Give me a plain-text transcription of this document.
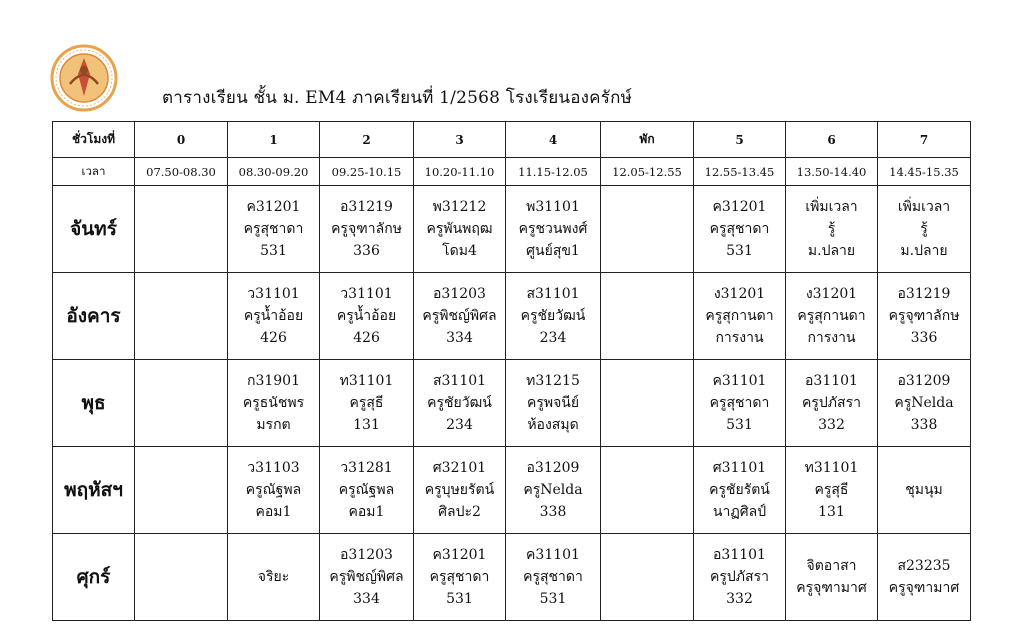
ตารางเรียน ชั้น ม. EM4 ภาคเรียนที่ 1/2568 โรงเรียนองครักษ์
ชั่วโมงที่	0	1	2	3	4	พัก	5	6	7
เวลา	07.50-08.30	08.30-09.20	09.25-10.15	10.20-11.10	11.15-12.05	12.05-12.55	12.55-13.45	13.50-14.40	14.45-15.35
จันทร์		ค31201
ครูสุชาดา
531	อ31219
ครูจุฑาลักษ
336	พ31212
ครูพันพฤฒ
โดม4	พ31101
ครูชวนพงศ์
ศูนย์สุข1		ค31201
ครูสุชาดา
531	เพิ่มเวลา
รู้
ม.ปลาย	เพิ่มเวลา
รู้
ม.ปลาย

อังคาร		ว31101
ครูน้ำอ้อย
426	ว31101
ครูน้ำอ้อย
426	อ31203
ครูพิชญ์พิศล
334	ส31101
ครูชัยวัฒน์
234		ง31201
ครูสุกานดา
การงาน	ง31201
ครูสุกานดา
การงาน	อ31219
ครูจุฑาลักษ
336

พุธ		ก31901
ครูธนัชพร
มรกต	ท31101
ครูสุธี
131	ส31101
ครูชัยวัฒน์
234	ท31215
ครูพจนีย์
ห้องสมุด		ค31101
ครูสุชาดา
531	อ31101
ครูปภัสรา
332	อ31209
ครูNelda
338

พฤหัสฯ		ว31103
ครูณัฐพล
คอม1	ว31281
ครูณัฐพล
คอม1	ศ32101
ครูบุษยรัตน์
ศิลปะ2	อ31209
ครูNelda
338		ศ31101
ครูชัยรัตน์
นาฏศิลป์	ท31101
ครูสุธี
131	ชุมนุม

ศุกร์		จริยะ	อ31203
ครูพิชญ์พิศล
334	ค31201
ครูสุชาดา
531	ค31101
ครูสุชาดา
531		อ31101
ครูปภัสรา
332	จิตอาสา
ครูจุฑามาศ	ส23235
ครูจุฑามาศ
